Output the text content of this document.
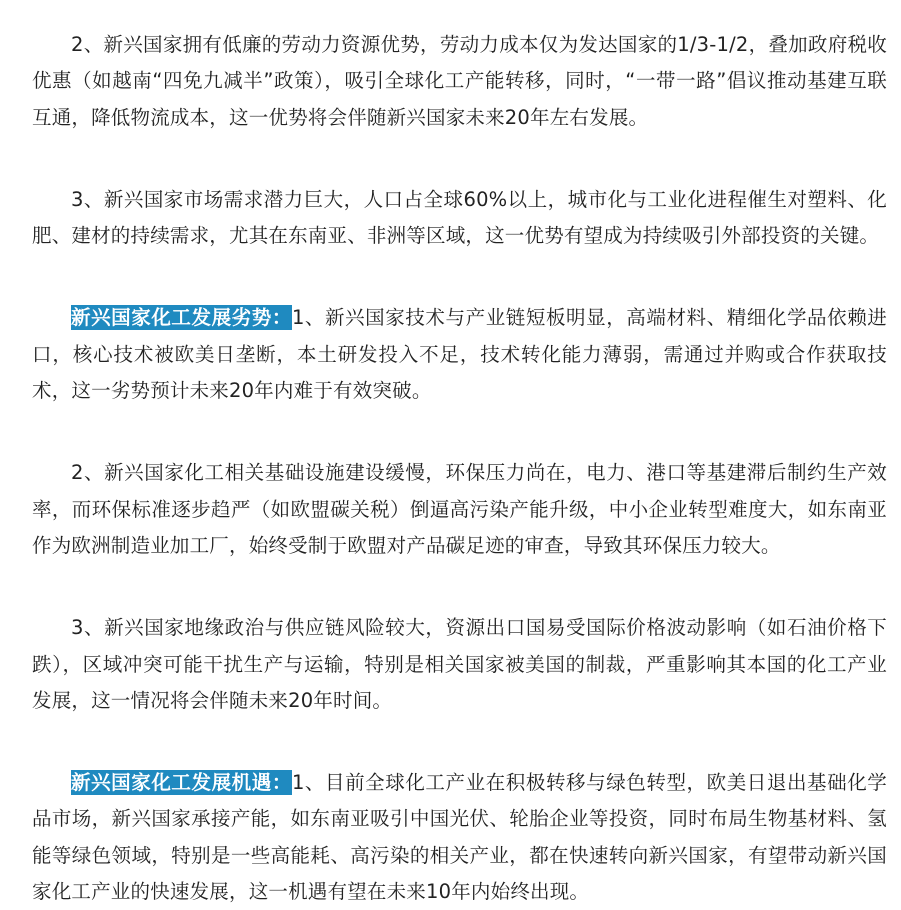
2、新兴国家拥有低廉的劳动力资源优势，劳动力成本仅为发达国家的1/3-1/2，叠加政府税收优惠（如越南“四免九减半”政策），吸引全球化工产能转移，同时，“一带一路”倡议推动基建互联互通，降低物流成本，这一优势将会伴随新兴国家未来20年左右发展。

3、新兴国家市场需求潜力巨大，人口占全球60%以上，城市化与工业化进程催生对塑料、化肥、建材的持续需求，尤其在东南亚、非洲等区域，这一优势有望成为持续吸引外部投资的关键。

新兴国家化工发展劣势：1、新兴国家技术与产业链短板明显，高端材料、精细化学品依赖进口，核心技术被欧美日垄断，本土研发投入不足，技术转化能力薄弱，需通过并购或合作获取技术，这一劣势预计未来20年内难于有效突破。

2、新兴国家化工相关基础设施建设缓慢，环保压力尚在，电力、港口等基建滞后制约生产效率，而环保标准逐步趋严（如欧盟碳关税）倒逼高污染产能升级，中小企业转型难度大，如东南亚作为欧洲制造业加工厂，始终受制于欧盟对产品碳足迹的审查，导致其环保压力较大。

3、新兴国家地缘政治与供应链风险较大，资源出口国易受国际价格波动影响（如石油价格下跌），区域冲突可能干扰生产与运输，特别是相关国家被美国的制裁，严重影响其本国的化工产业发展，这一情况将会伴随未来20年时间。

新兴国家化工发展机遇：1、目前全球化工产业在积极转移与绿色转型，欧美日退出基础化学品市场，新兴国家承接产能，如东南亚吸引中国光伏、轮胎企业等投资，同时布局生物基材料、氢能等绿色领域，特别是一些高能耗、高污染的相关产业，都在快速转向新兴国家，有望带动新兴国家化工产业的快速发展，这一机遇有望在未来10年内始终出现。
